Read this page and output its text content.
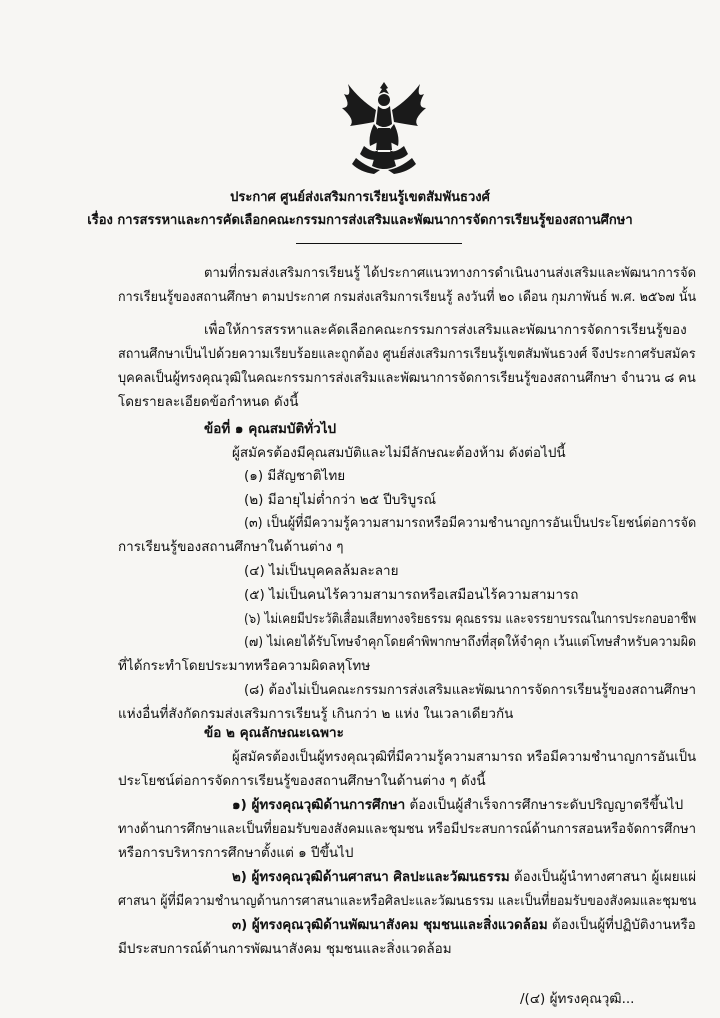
ประกาศ ศูนย์ส่งเสริมการเรียนรู้เขตสัมพันธวงศ์
เรื่อง การสรรหาและการคัดเลือกคณะกรรมการส่งเสริมและพัฒนาการจัดการเรียนรู้ของสถานศึกษา
ตามที่กรมส่งเสริมการเรียนรู้ ได้ประกาศแนวทางการดำเนินงานส่งเสริมและพัฒนาการจัด
การเรียนรู้ของสถานศึกษา ตามประกาศ กรมส่งเสริมการเรียนรู้ ลงวันที่ ๒๐ เดือน กุมภาพันธ์ พ.ศ. ๒๕๖๗ นั้น
เพื่อให้การสรรหาและคัดเลือกคณะกรรมการส่งเสริมและพัฒนาการจัดการเรียนรู้ของ
สถานศึกษาเป็นไปด้วยความเรียบร้อยและถูกต้อง ศูนย์ส่งเสริมการเรียนรู้เขตสัมพันธวงศ์ จึงประกาศรับสมัคร
บุคคลเป็นผู้ทรงคุณวุฒิในคณะกรรมการส่งเสริมและพัฒนาการจัดการเรียนรู้ของสถานศึกษา จำนวน ๘ คน
โดยรายละเอียดข้อกำหนด ดังนี้
ข้อที่ ๑ คุณสมบัติทั่วไป
ผู้สมัครต้องมีคุณสมบัติและไม่มีลักษณะต้องห้าม ดังต่อไปนี้
(๑) มีสัญชาติไทย
(๒) มีอายุไม่ต่ำกว่า ๒๕ ปีบริบูรณ์
(๓) เป็นผู้ที่มีความรู้ความสามารถหรือมีความชำนาญการอันเป็นประโยชน์ต่อการจัด
การเรียนรู้ของสถานศึกษาในด้านต่าง ๆ
(๔) ไม่เป็นบุคคลล้มละลาย
(๕) ไม่เป็นคนไร้ความสามารถหรือเสมือนไร้ความสามารถ
(๖) ไม่เคยมีประวัติเสื่อมเสียทางจริยธรรม คุณธรรม และจรรยาบรรณในการประกอบอาชีพ
(๗) ไม่เคยได้รับโทษจำคุกโดยคำพิพากษาถึงที่สุดให้จำคุก เว้นแต่โทษสำหรับความผิด
ที่ได้กระทำโดยประมาทหรือความผิดลหุโทษ
(๘) ต้องไม่เป็นคณะกรรมการส่งเสริมและพัฒนาการจัดการเรียนรู้ของสถานศึกษา
แห่งอื่นที่สังกัดกรมส่งเสริมการเรียนรู้ เกินกว่า ๒ แห่ง ในเวลาเดียวกัน
ข้อ ๒ คุณลักษณะเฉพาะ
ผู้สมัครต้องเป็นผู้ทรงคุณวุฒิที่มีความรู้ความสามารถ หรือมีความชำนาญการอันเป็น
ประโยชน์ต่อการจัดการเรียนรู้ของสถานศึกษาในด้านต่าง ๆ ดังนี้
๑) ผู้ทรงคุณวุฒิด้านการศึกษา ต้องเป็นผู้สำเร็จการศึกษาระดับปริญญาตรีขึ้นไป
ทางด้านการศึกษาและเป็นที่ยอมรับของสังคมและชุมชน หรือมีประสบการณ์ด้านการสอนหรือจัดการศึกษา
หรือการบริหารการศึกษาตั้งแต่ ๑ ปีขึ้นไป
๒) ผู้ทรงคุณวุฒิด้านศาสนา ศิลปะและวัฒนธรรม ต้องเป็นผู้นำทางศาสนา ผู้เผยแผ่
ศาสนา ผู้ที่มีความชำนาญด้านการศาสนาและหรือศิลปะและวัฒนธรรม และเป็นที่ยอมรับของสังคมและชุมชน
๓) ผู้ทรงคุณวุฒิด้านพัฒนาสังคม ชุมชนและสิ่งแวดล้อม ต้องเป็นผู้ที่ปฏิบัติงานหรือ
มีประสบการณ์ด้านการพัฒนาสังคม ชุมชนและสิ่งแวดล้อม
/(๔) ผู้ทรงคุณวุฒิ...
